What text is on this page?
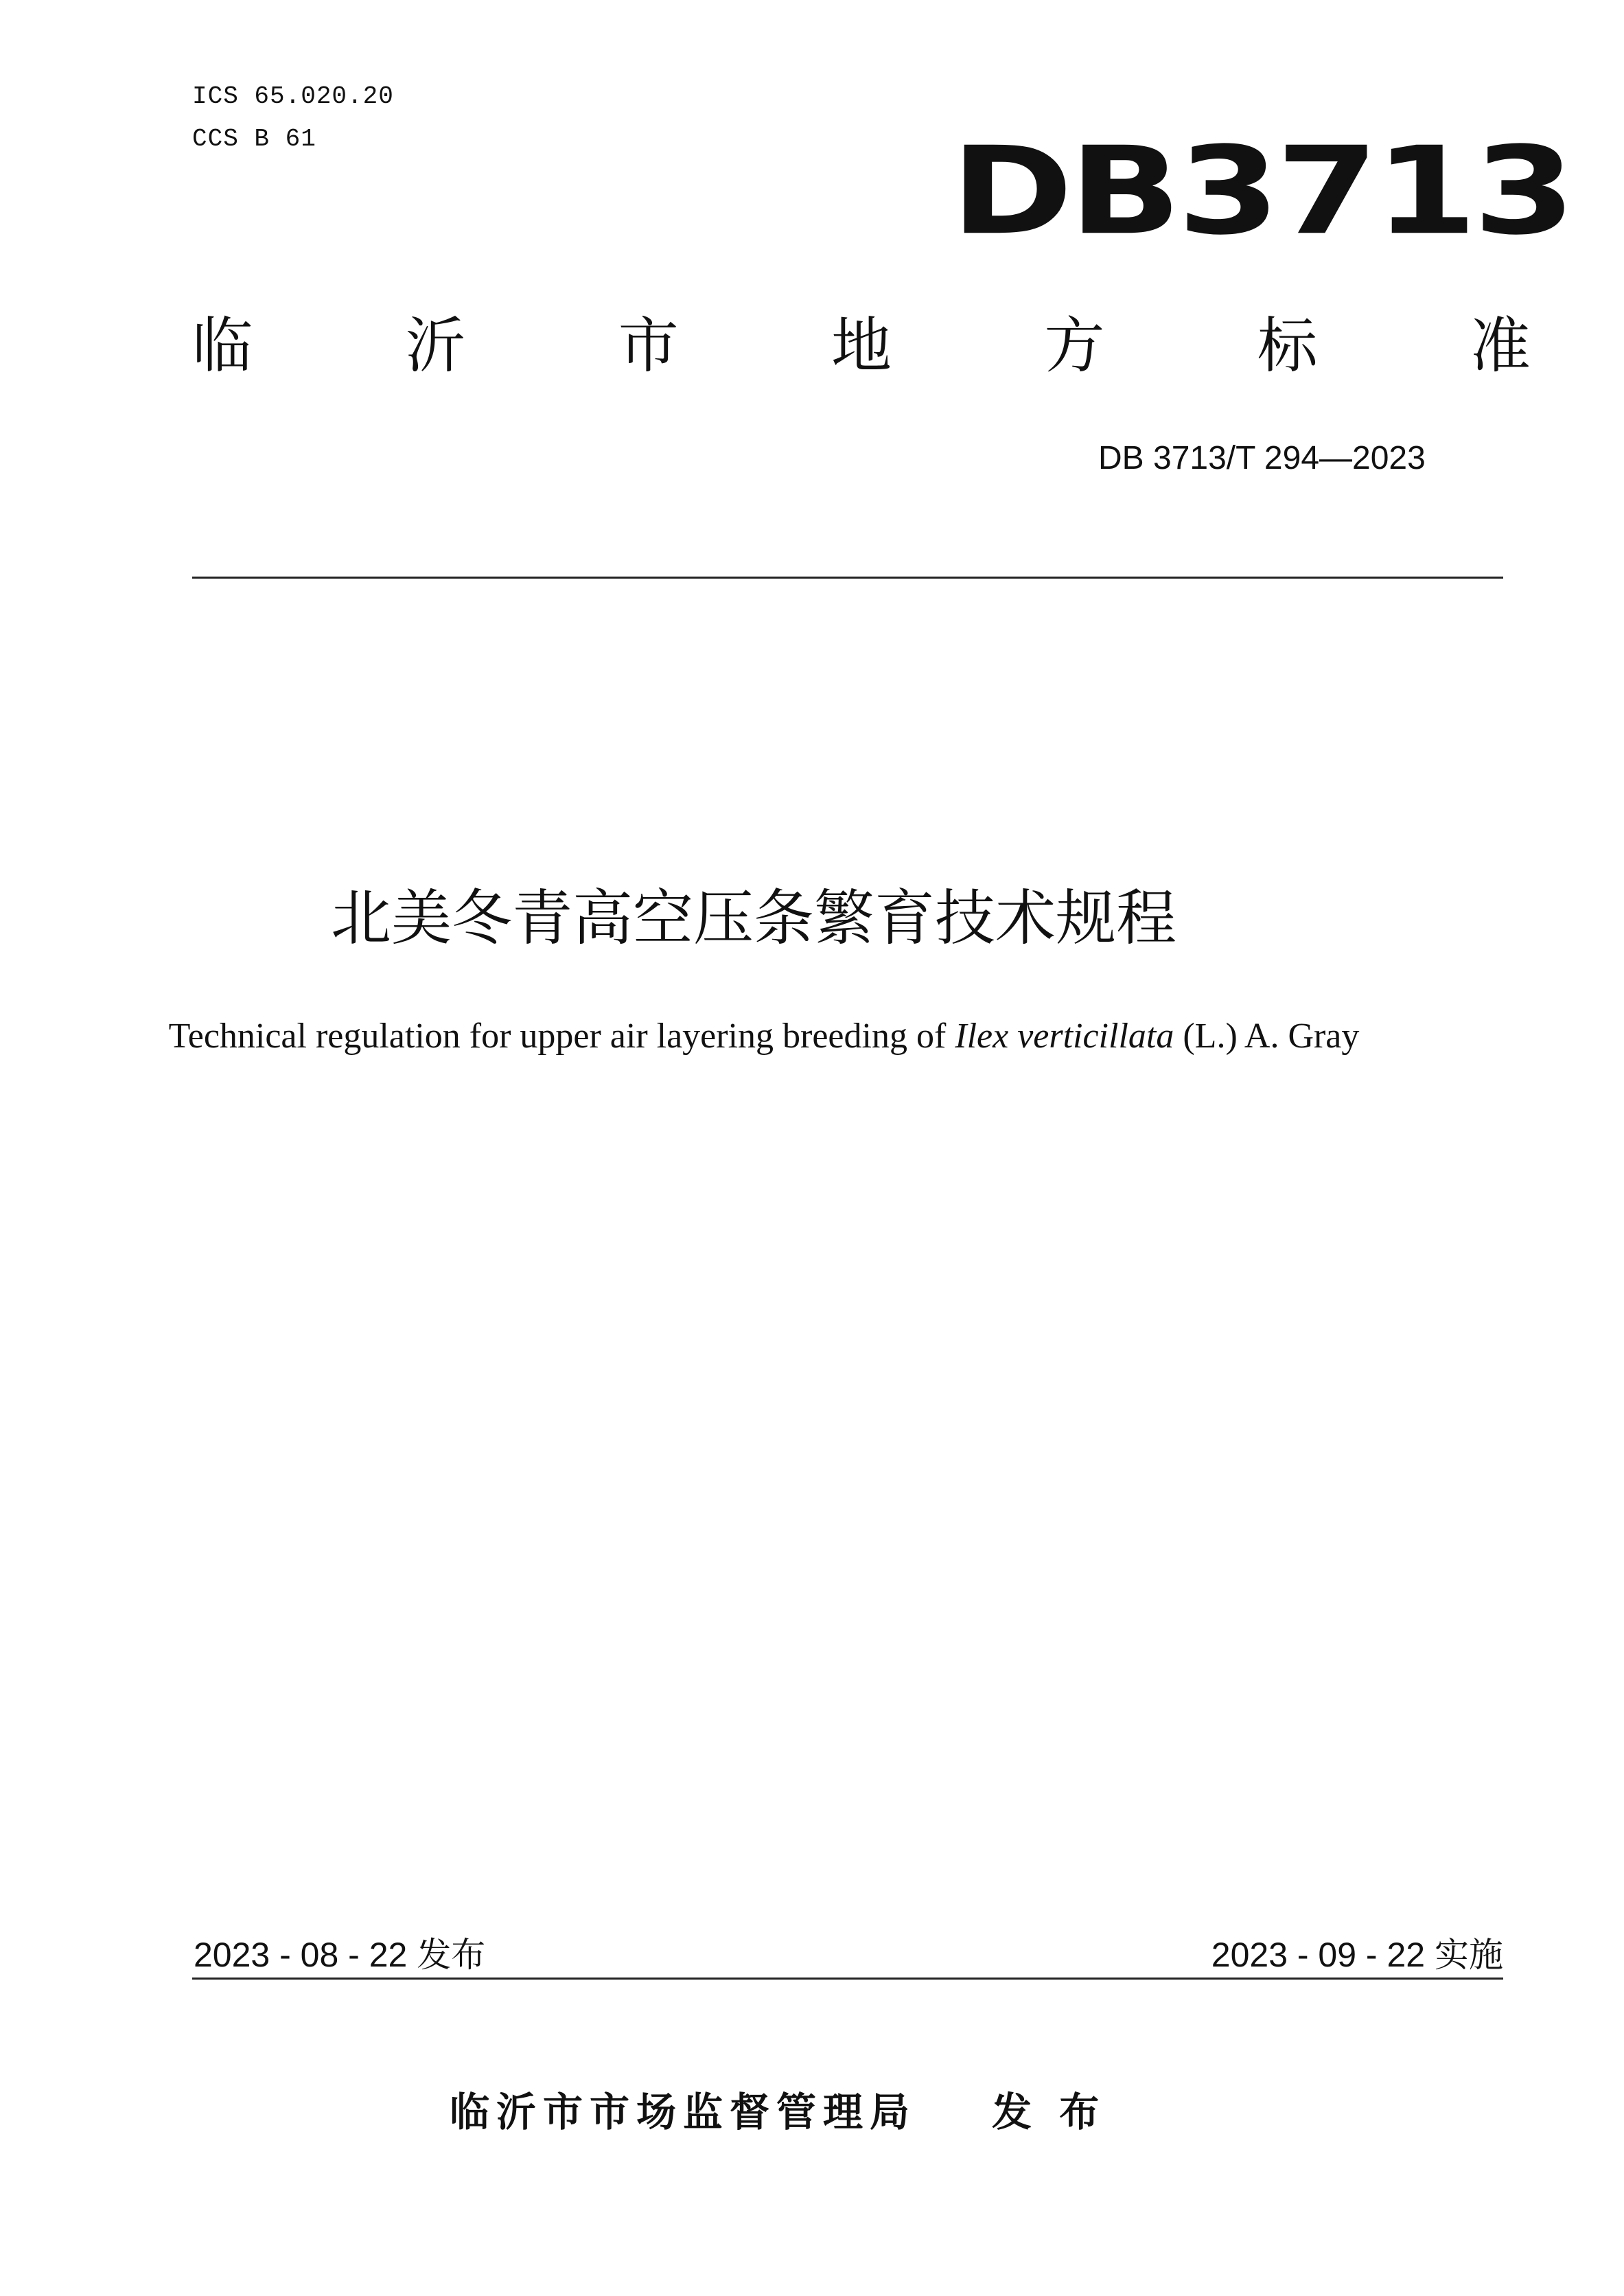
ICS 65.020.20
CCS B 61	DB3713
临	沂	市	地	方	标	准
DB 3713/T 294—2023
北美冬青高空压条繁育技术规程
Technical regulation for upper air layering breeding of Ilex verticillata (L.) A. Gray
2023 - 08 - 22 发布	2023 - 09 - 22 实施
临沂市市场监督管理局 发 布
